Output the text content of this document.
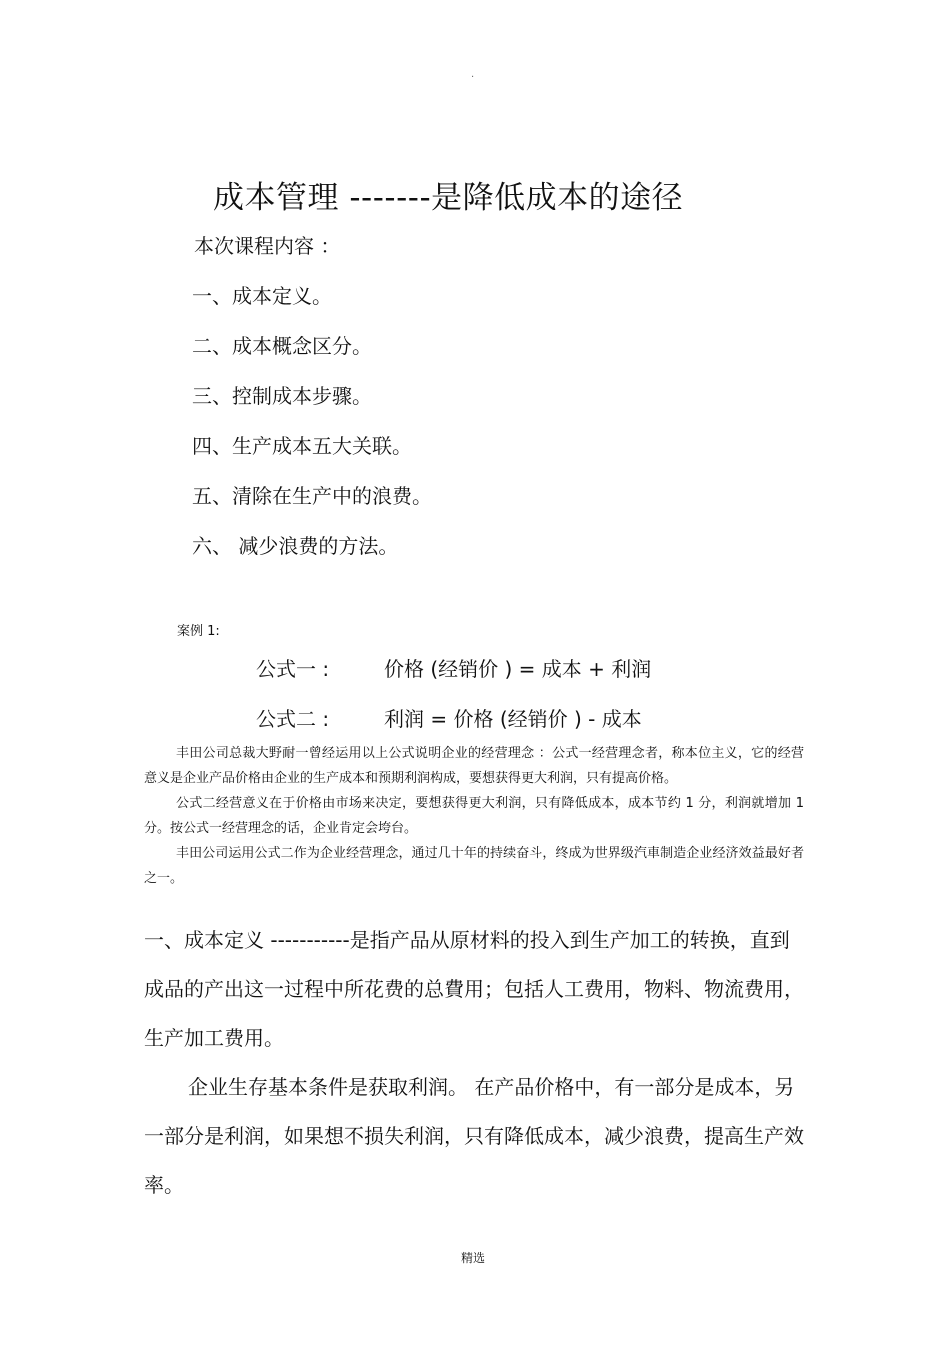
·
成本管理 -------是降低成本的途径
本次课程内容 ：
一、成本定义。
二、成本概念区分。
三、控制成本步骤。
四、生产成本五大关联。
五、清除在生产中的浪费。
六、 减少浪费的方法。
案例 1:
公式一 :	价格 (经销价 ) = 成本 + 利润
公式二 :	利润 = 价格 (经销价 ) - 成本

丰田公司总裁大野耐一曾经运用以上公式说明企业的经营理念 ：公式一经营理念者，称本位主义，它的经营意义是企业产品价格由企业的生产成本和预期利润构成，要想获得更大利润，只有提高价格。

公式二经营意义在于价格由市场来决定，要想获得更大利润，只有降低成本，成本节约 1 分，利润就增加 1 分。按公式一经营理念的话，企业肯定会垮台。

丰田公司运用公式二作为企业经营理念，通过几十年的持续奋斗，终成为世界级汽車制造企业经济效益最好者之一。

一、成本定义 -----------是指产品从原材料的投入到生产加工的转换，直到成品的产出这一过程中所花费的总費用；包括人工费用，物料、物流费用，生产加工费用。

企业生存基本条件是获取利润。 在产品价格中，有一部分是成本，另一部分是利润，如果想不损失利润，只有降低成本，减少浪费，提高生产效率。

精选
